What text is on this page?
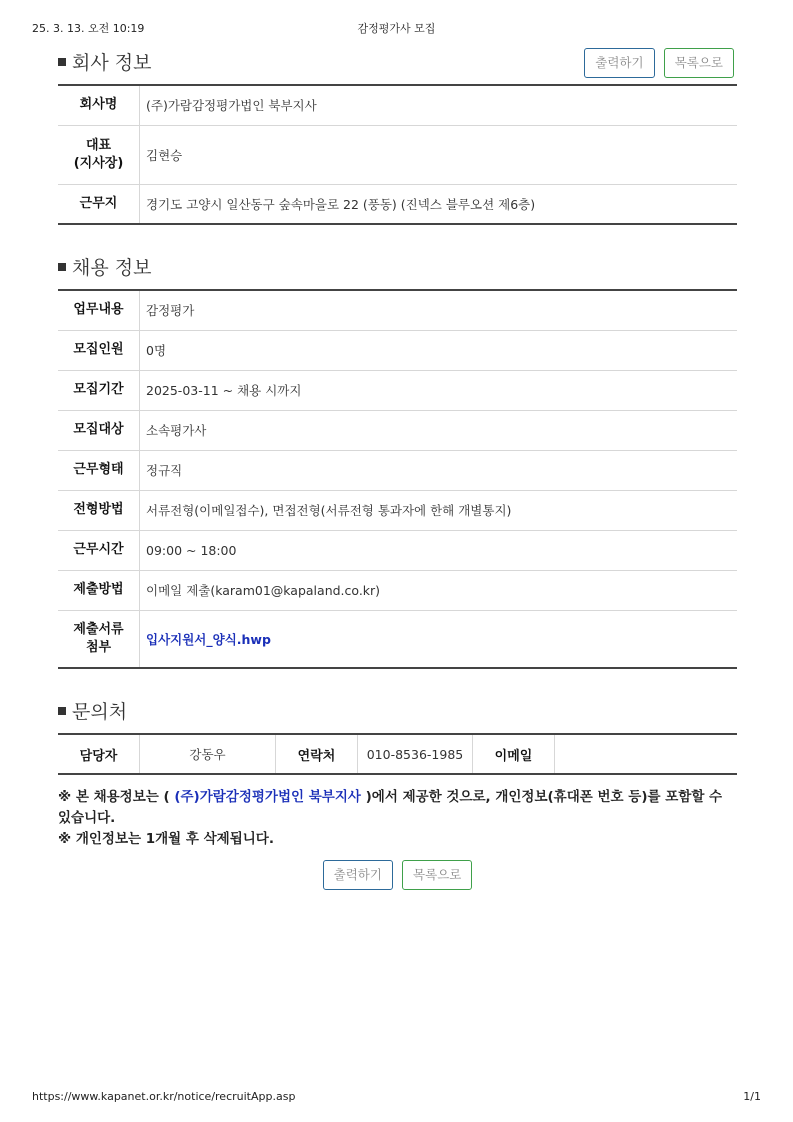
25. 3. 13. 오전 10:19	감정평가사 모집
회사 정보	출력하기 목록으로
회사명	(주)가람감정평가법인 북부지사

대표
(지사장)	김현승
근무지	경기도 고양시 일산동구 숲속마을로 22 (풍동) (진넥스 블루오션 제6층)
채용 정보
업무내용	감정평가
모집인원	0명
모집기간	2025-03-11 ~ 채용 시까지
모집대상	소속평가사
근무형태	정규직
전형방법	서류전형(이메일접수), 면접전형(서류전형 통과자에 한해 개별통지)
근무시간	09:00 ~ 18:00
제출방법	이메일 제출(karam01@kapaland.co.kr)

제출서류
첨부	입사지원서_양식.hwp
문의처
담당자	강동우	연락처	010-8536-1985	이메일	
※ 본 채용정보는 ( (주)가람감정평가법인 북부지사 )에서 제공한 것으로, 개인정보(휴대폰 번호 등)를 포함할 수 있습니다.
※ 개인정보는 1개월 후 삭제됩니다.
출력하기 목록으로
https://www.kapanet.or.kr/notice/recruitApp.asp	1/1
